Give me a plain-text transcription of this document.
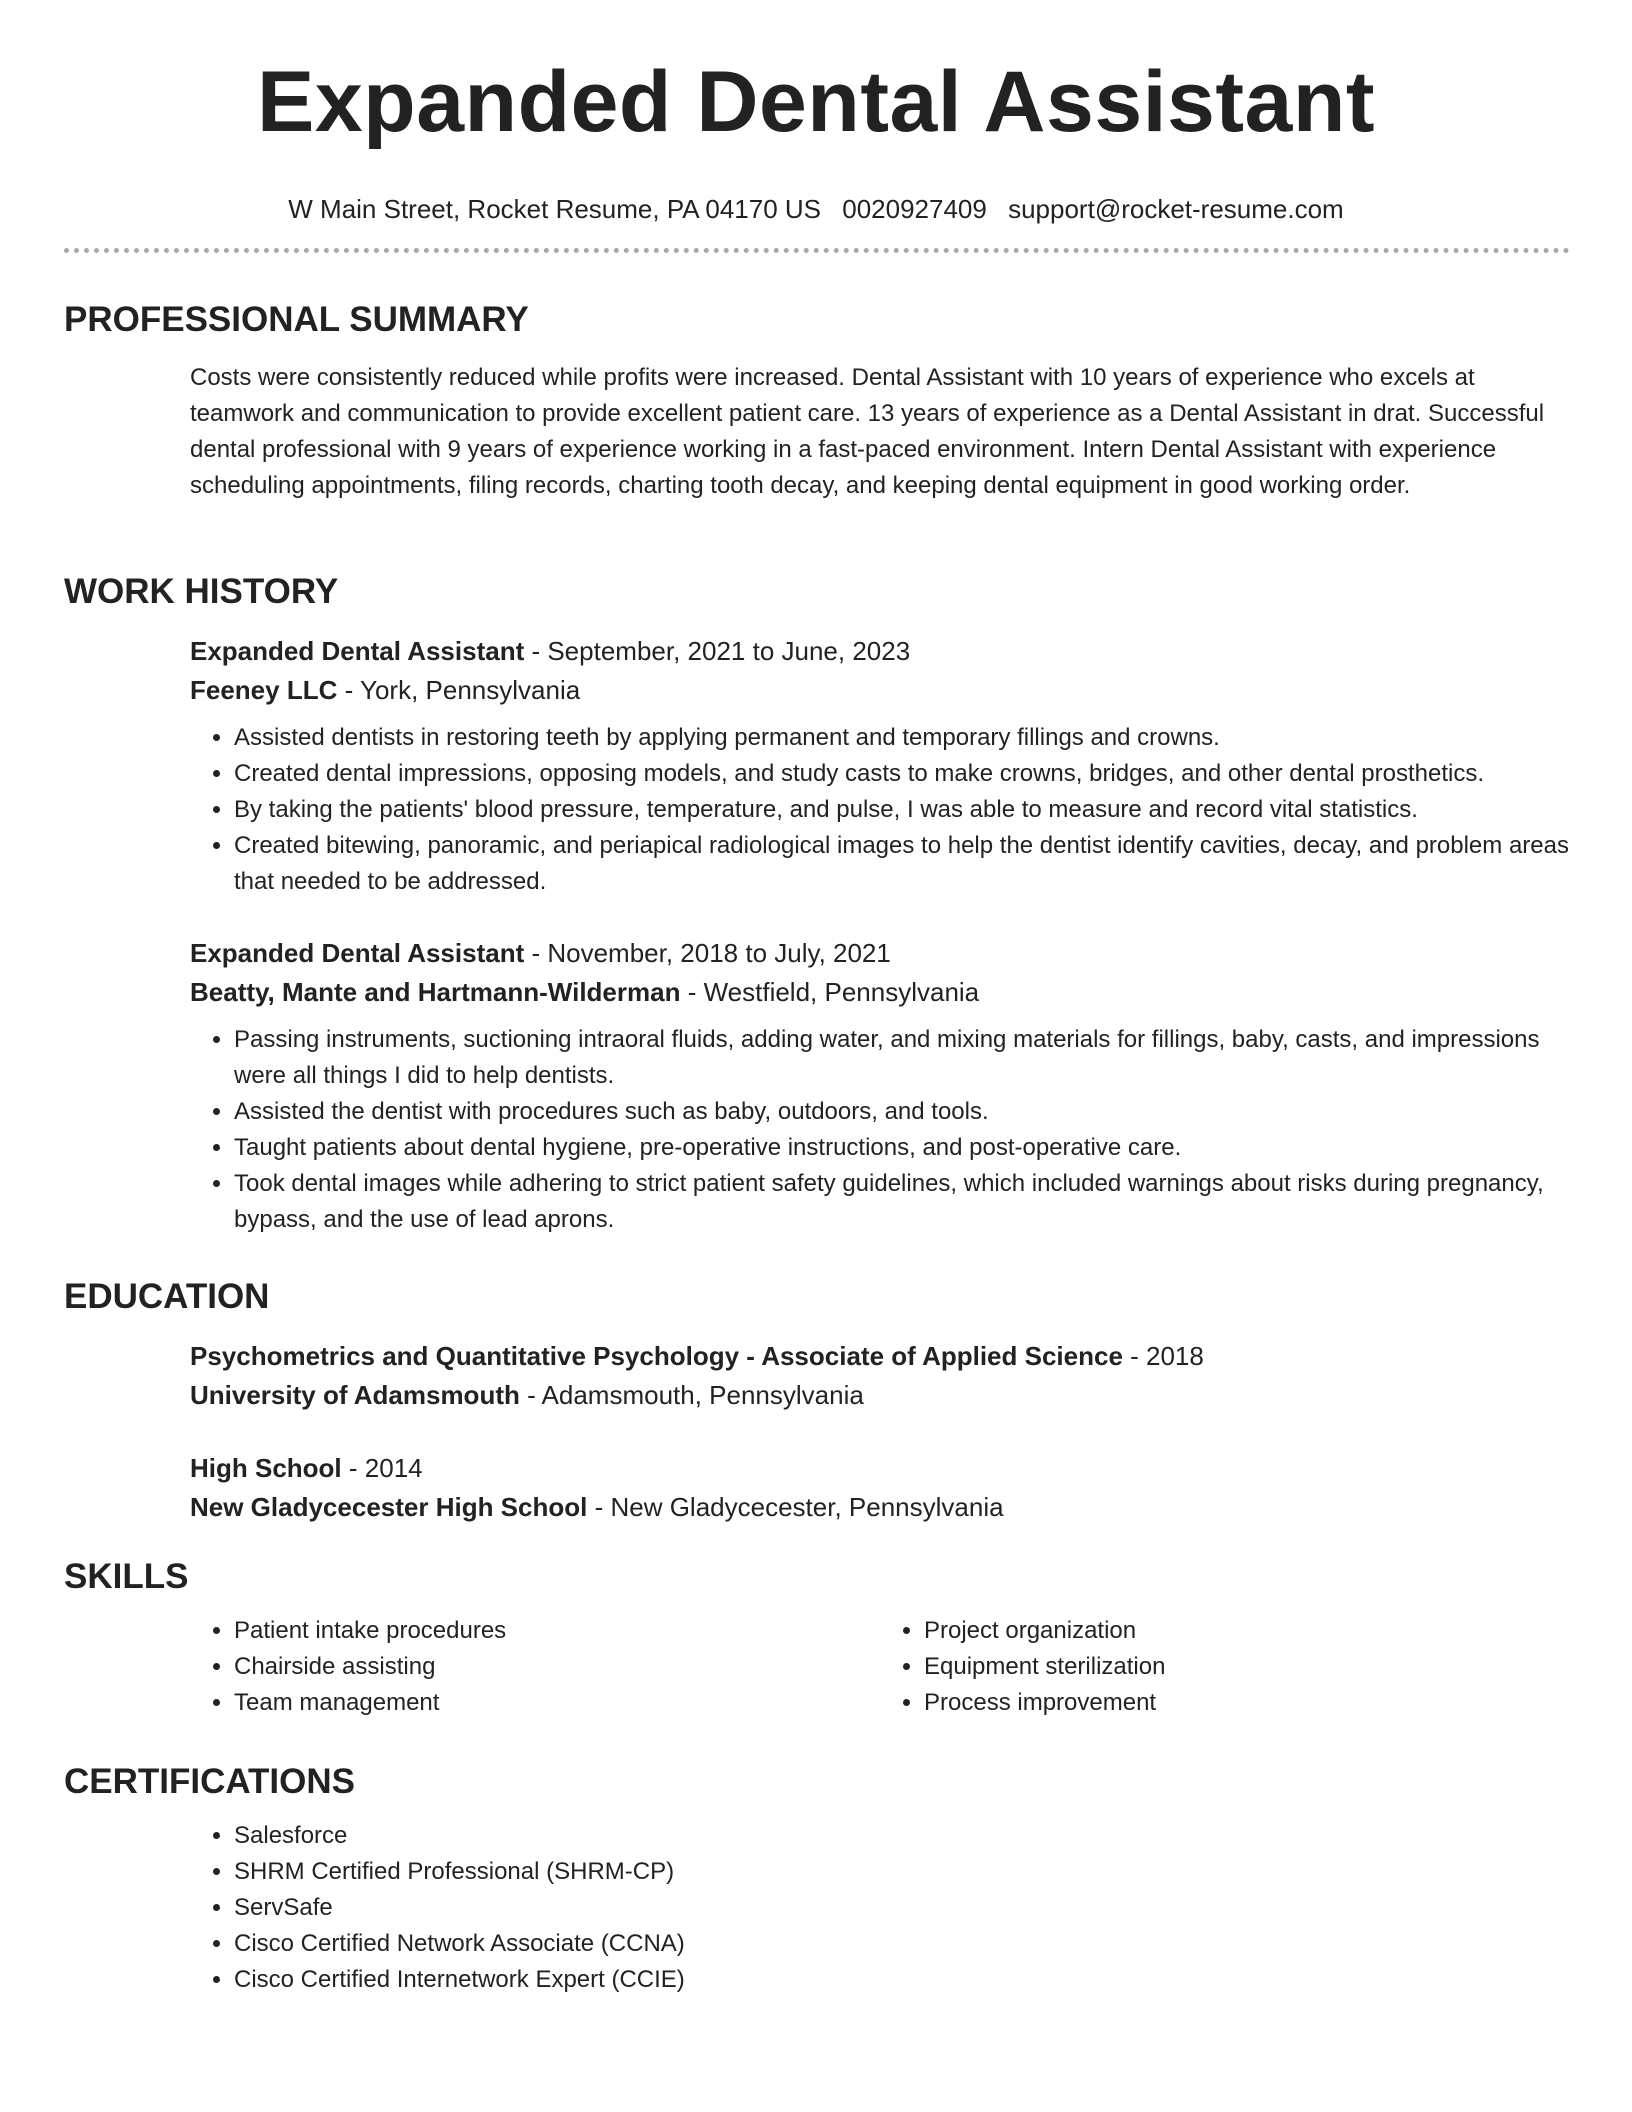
Expanded Dental Assistant
W Main Street, Rocket Resume, PA 04170 US 0020927409 support@rocket-resume.com
PROFESSIONAL SUMMARY
Costs were consistently reduced while profits were increased. Dental Assistant with 10 years of experience who excels at teamwork and communication to provide excellent patient care. 13 years of experience as a Dental Assistant in drat. Successful dental professional with 9 years of experience working in a fast-paced environment. Intern Dental Assistant with experience scheduling appointments, filing records, charting tooth decay, and keeping dental equipment in good working order.
WORK HISTORY
Expanded Dental Assistant - September, 2021 to June, 2023
Feeney LLC - York, Pennsylvania
• Assisted dentists in restoring teeth by applying permanent and temporary fillings and crowns.
• Created dental impressions, opposing models, and study casts to make crowns, bridges, and other dental prosthetics.
• By taking the patients' blood pressure, temperature, and pulse, I was able to measure and record vital statistics.
• Created bitewing, panoramic, and periapical radiological images to help the dentist identify cavities, decay, and problem areas that needed to be addressed.
Expanded Dental Assistant - November, 2018 to July, 2021
Beatty, Mante and Hartmann-Wilderman - Westfield, Pennsylvania
• Passing instruments, suctioning intraoral fluids, adding water, and mixing materials for fillings, baby, casts, and impressions were all things I did to help dentists.
• Assisted the dentist with procedures such as baby, outdoors, and tools.
• Taught patients about dental hygiene, pre-operative instructions, and post-operative care.
• Took dental images while adhering to strict patient safety guidelines, which included warnings about risks during pregnancy, bypass, and the use of lead aprons.
EDUCATION
Psychometrics and Quantitative Psychology - Associate of Applied Science - 2018
University of Adamsmouth - Adamsmouth, Pennsylvania
High School - 2014
New Gladycecester High School - New Gladycecester, Pennsylvania
SKILLS
• Patient intake procedures
• Chairside assisting
• Team management
• Project organization
• Equipment sterilization
• Process improvement
CERTIFICATIONS
• Salesforce
• SHRM Certified Professional (SHRM-CP)
• ServSafe
• Cisco Certified Network Associate (CCNA)
• Cisco Certified Internetwork Expert (CCIE)
